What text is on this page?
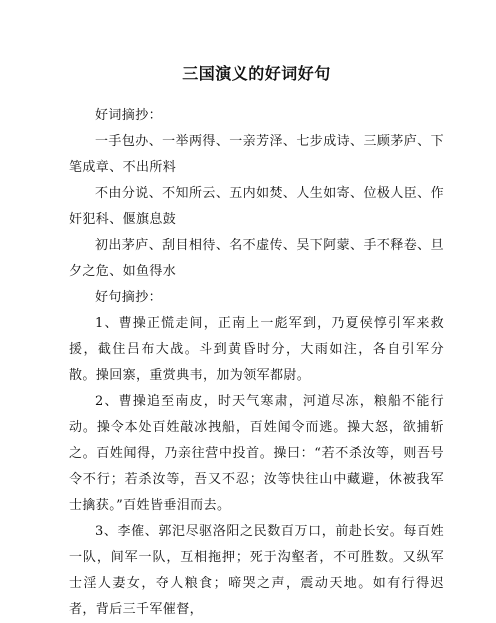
三国演义的好词好句

好词摘抄：

一手包办、一举两得、一亲芳泽、七步成诗、三顾茅庐、下笔成章、不出所料

不由分说、不知所云、五内如焚、人生如寄、位极人臣、作奸犯科、偃旗息鼓

初出茅庐、刮目相待、名不虚传、吴下阿蒙、手不释卷、旦夕之危、如鱼得水

好句摘抄：

1、曹操正慌走间，正南上一彪军到，乃夏侯惇引军来救援，截住吕布大战。斗到黄昏时分，大雨如注，各自引军分散。操回寨，重赏典韦，加为领军都尉。

2、曹操追至南皮，时天气寒肃，河道尽冻，粮船不能行动。操令本处百姓敲冰拽船，百姓闻令而逃。操大怒，欲捕斩之。百姓闻得，乃亲往营中投首。操曰：“若不杀汝等，则吾号令不行；若杀汝等，吾又不忍；汝等快往山中藏避，休被我军士擒获。”百姓皆垂泪而去。

3、李傕、郭汜尽驱洛阳之民数百万口，前赴长安。每百姓一队，间军一队，互相拖押；死于沟壑者，不可胜数。又纵军士淫人妻女，夺人粮食；啼哭之声，震动天地。如有行得迟者，背后三千军催督，
